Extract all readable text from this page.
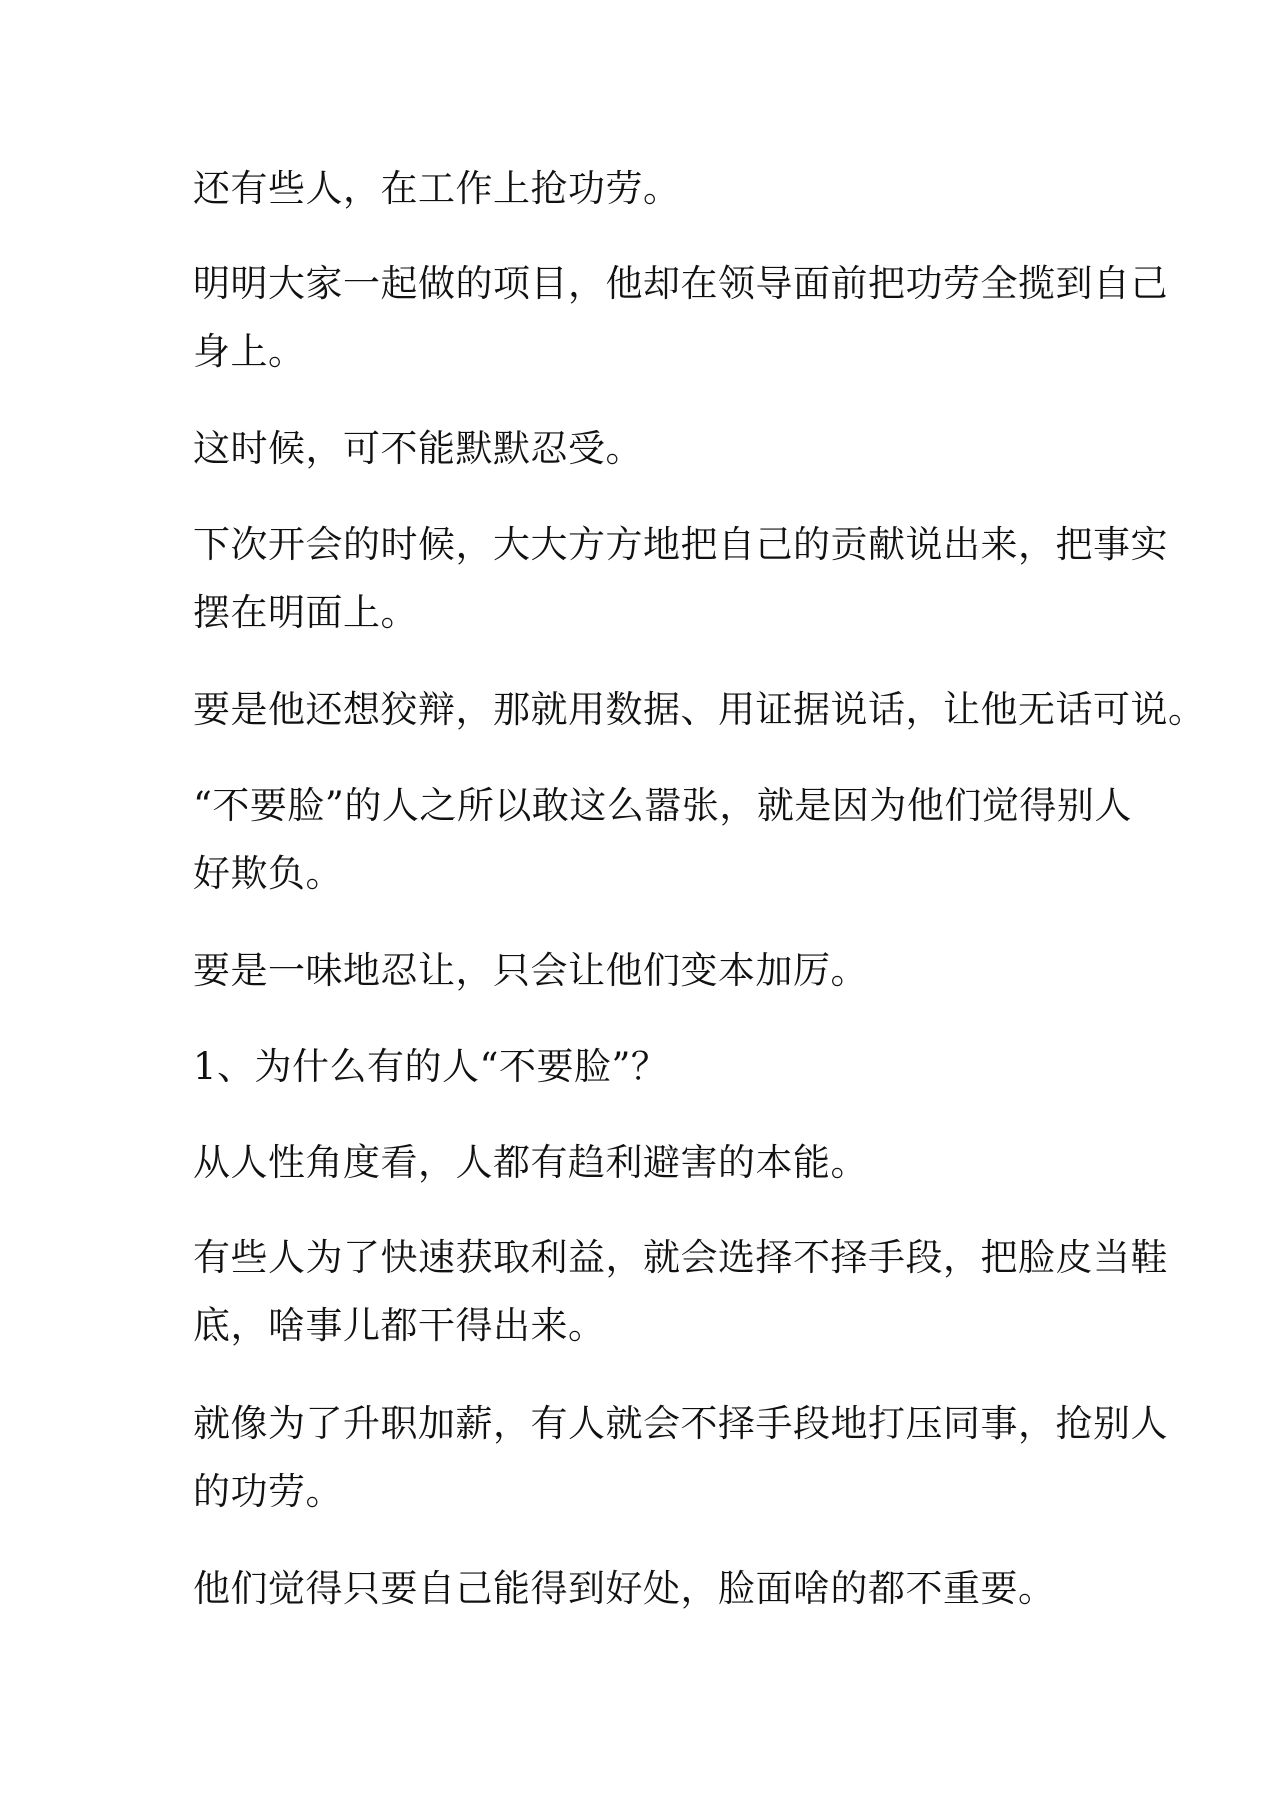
还有些人，在工作上抢功劳。

明明大家一起做的项目，他却在领导面前把功劳全揽到自己
身上。

这时候，可不能默默忍受。

下次开会的时候，大大方方地把自己的贡献说出来，把事实
摆在明面上。

要是他还想狡辩，那就用数据、用证据说话，让他无话可说。

“不要脸”的人之所以敢这么嚣张，就是因为他们觉得别人
好欺负。

要是一味地忍让，只会让他们变本加厉。

1、为什么有的人“不要脸”？

从人性角度看，人都有趋利避害的本能。

有些人为了快速获取利益，就会选择不择手段，把脸皮当鞋
底，啥事儿都干得出来。

就像为了升职加薪，有人就会不择手段地打压同事，抢别人
的功劳。

他们觉得只要自己能得到好处，脸面啥的都不重要。
